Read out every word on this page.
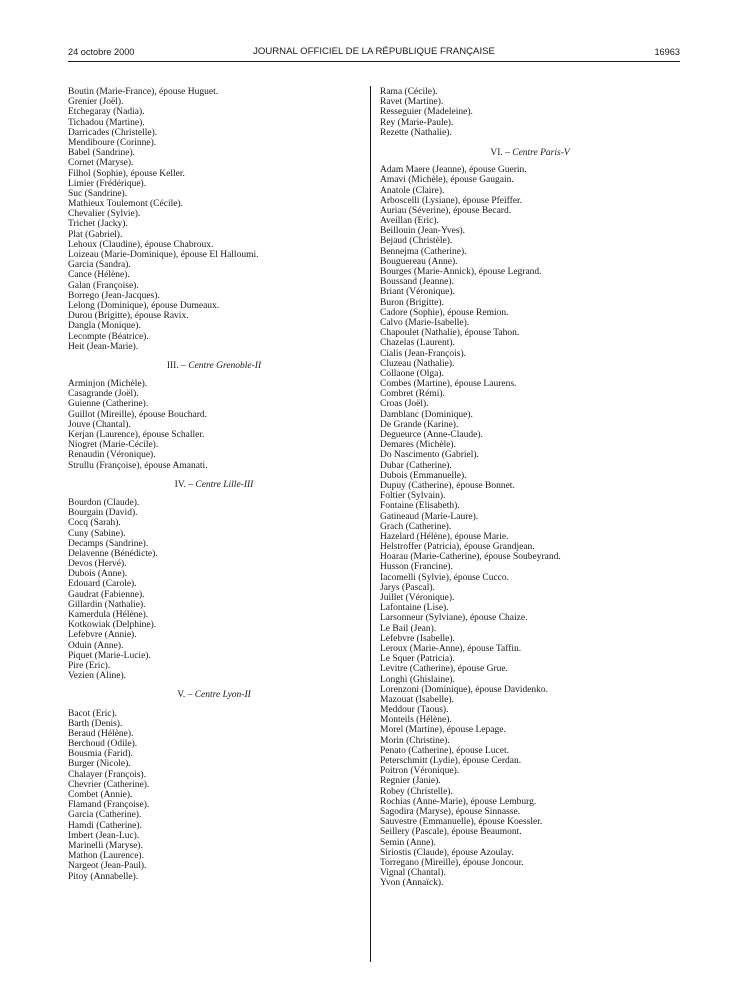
24 octobre 2000	JOURNAL OFFICIEL DE LA RÉPUBLIQUE FRANÇAISE	16963
Boutin (Marie-France), épouse Huguet.
Grenier (Joël).
Etchegaray (Nadia).
Tichadou (Martine).
Darricades (Christelle).
Mendiboure (Corinne).
Babel (Sandrine).
Cornet (Maryse).
Filhol (Sophie), épouse Keller.
Limier (Frédérique).
Suc (Sandrine).
Mathieux Toulemont (Cécile).
Chevalier (Sylvie).
Trichet (Jacky).
Plat (Gabriel).
Lehoux (Claudine), épouse Chabroux.
Loizeau (Marie-Dominique), épouse El Halloumi.
Garcia (Sandra).
Cance (Hélène).
Galan (Françoise).
Borrego (Jean-Jacques).
Lelong (Dominique), épouse Dumeaux.
Durou (Brigitte), épouse Ravix.
Dangla (Monique).
Lecompte (Béatrice).
Heit (Jean-Marie).
III. – Centre Grenoble-II
Arminjon (Michèle).
Casagrande (Joël).
Guienne (Catherine).
Guillot (Mireille), épouse Bouchard.
Jouve (Chantal).
Kerjan (Laurence), épouse Schaller.
Niogret (Marie-Cécile).
Renaudin (Véronique).
Strullu (Françoise), épouse Amanati.
IV. – Centre Lille-III
Bourdon (Claude).
Bourgain (David).
Cocq (Sarah).
Cuny (Sabine).
Decamps (Sandrine).
Delavenne (Bénédicte).
Devos (Hervé).
Dubois (Anne).
Edouard (Carole).
Gaudrat (Fabienne).
Gillardin (Nathalie).
Kamerdula (Hélène).
Kotkowiak (Delphine).
Lefebvre (Annie).
Oduin (Anne).
Piquet (Marie-Lucie).
Pire (Eric).
Vezien (Aline).
V. – Centre Lyon-II
Bacot (Eric).
Barth (Denis).
Beraud (Hélène).
Berchoud (Odile).
Bousmia (Farid).
Burger (Nicole).
Chalayer (François).
Chevrier (Catherine).
Combet (Annie).
Flamand (Françoise).
Garcia (Catherine).
Hamdi (Catherine).
Imbert (Jean-Luc).
Marinelli (Maryse).
Mathon (Laurence).
Nargeot (Jean-Paul).
Pitoy (Annabelle).
Rama (Cécile).
Ravet (Martine).
Resseguier (Madeleine).
Rey (Marie-Paule).
Rezette (Nathalie).
VI. – Centre Paris-V
Adam Maere (Jeanne), épouse Guerin.
Amavi (Michèle), épouse Gaugain.
Anatole (Claire).
Arboscelli (Lysiane), épouse Pfeiffer.
Auriau (Séverine), épouse Becard.
Aveillan (Eric).
Beillouin (Jean-Yves).
Bejaud (Christèle).
Bennejma (Catherine).
Bouguereau (Anne).
Bourges (Marie-Annick), épouse Legrand.
Boussand (Jeanne).
Briant (Véronique).
Buron (Brigitte).
Cadore (Sophie), épouse Remion.
Calvo (Marie-Isabelle).
Chapoulet (Nathalie), épouse Tahon.
Chazelas (Laurent).
Cialis (Jean-François).
Cluzeau (Nathalie).
Collaone (Olga).
Combes (Martine), épouse Laurens.
Combret (Rémi).
Croas (Joël).
Damblanc (Dominique).
De Grande (Karine).
Degueurce (Anne-Claude).
Demares (Michèle).
Do Nascimento (Gabriel).
Dubar (Catherine).
Dubois (Emmanuelle).
Dupuy (Catherine), épouse Bonnet.
Foltier (Sylvain).
Fontaine (Elisabeth).
Gatineaud (Marie-Laure).
Grach (Catherine).
Hazelard (Hélène), épouse Marie.
Helstroffer (Patricia), épouse Grandjean.
Hoarau (Marie-Catherine), épouse Soubeyrand.
Husson (Francine).
Iacomelli (Sylvie), épouse Cucco.
Jarys (Pascal).
Juillet (Véronique).
Lafontaine (Lise).
Larsonneur (Sylviane), épouse Chaize.
Le Bail (Jean).
Lefebvre (Isabelle).
Leroux (Marie-Anne), épouse Taffin.
Le Squer (Patricia).
Levitre (Catherine), épouse Grue.
Longhi (Ghislaine).
Lorenzoni (Dominique), épouse Davidenko.
Mazouat (Isabelle).
Meddour (Taous).
Monteils (Hélène).
Morel (Martine), épouse Lepage.
Morin (Christine).
Penato (Catherine), épouse Lucet.
Peterschmitt (Lydie), épouse Cerdan.
Poitron (Véronique).
Regnier (Janie).
Robey (Christelle).
Rochias (Anne-Marie), épouse Lemburg.
Sagodira (Maryse), épouse Sinnasse.
Sauvestre (Emmanuelle), épouse Koessler.
Seillery (Pascale), épouse Beaumont.
Semin (Anne).
Siriostis (Claude), épouse Azoulay.
Torregano (Mireille), épouse Joncour.
Vignal (Chantal).
Yvon (Annaïck).
